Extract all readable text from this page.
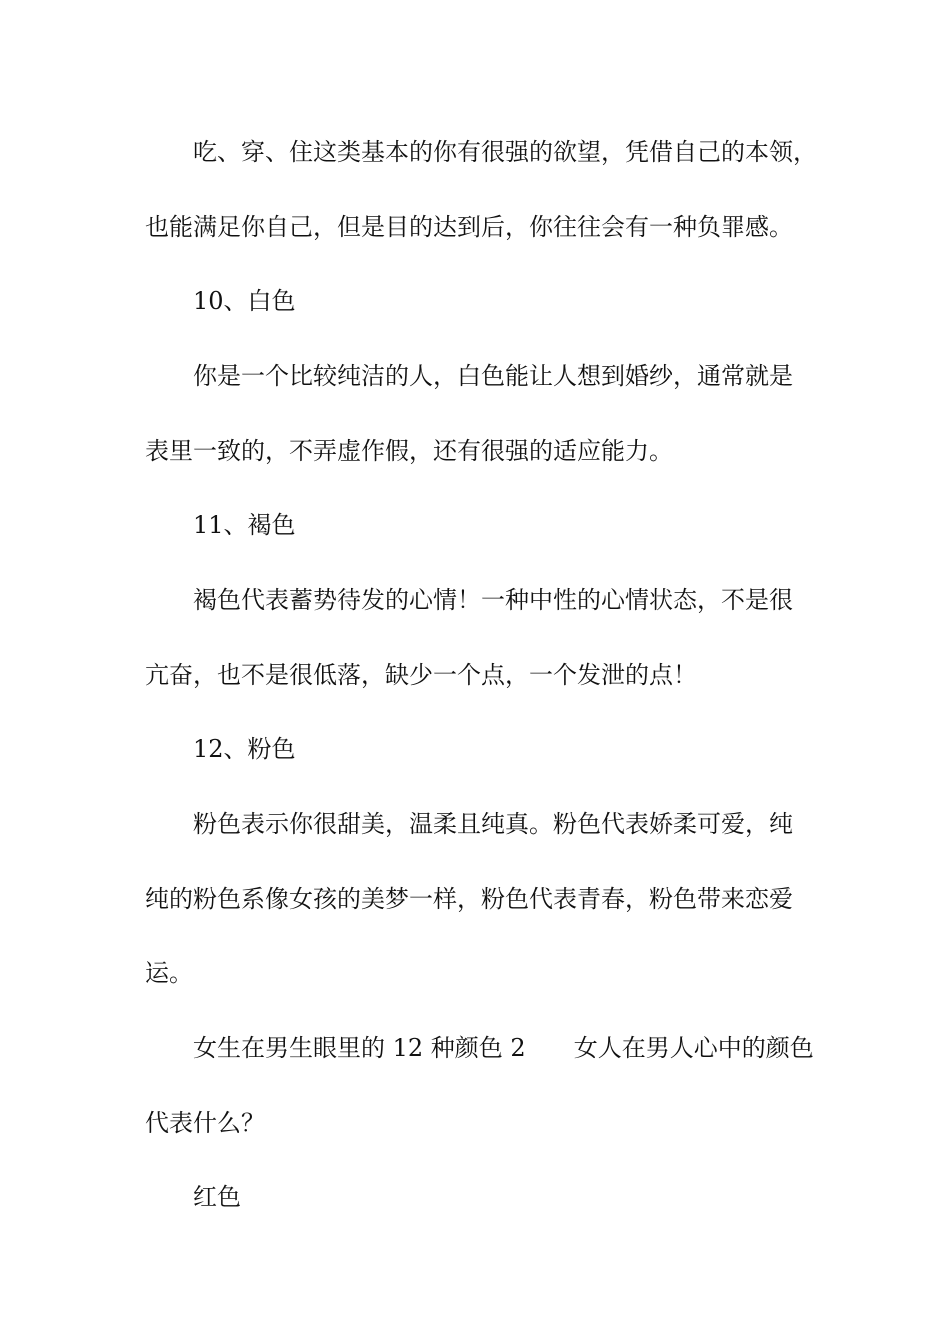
吃、穿、住这类基本的你有很强的欲望，凭借自己的本领，
也能满足你自己，但是目的达到后，你往往会有一种负罪感。
10、白色
你是一个比较纯洁的人，白色能让人想到婚纱，通常就是
表里一致的，不弄虚作假，还有很强的适应能力。
11、褐色
褐色代表蓄势待发的心情！一种中性的心情状态，不是很
亢奋，也不是很低落，缺少一个点，一个发泄的点！
12、粉色
粉色表示你很甜美，温柔且纯真。粉色代表娇柔可爱，纯
纯的粉色系像女孩的美梦一样，粉色代表青春，粉色带来恋爱
运。
女生在男生眼里的 12 种颜色 2　　女人在男人心中的颜色
代表什么？
红色
